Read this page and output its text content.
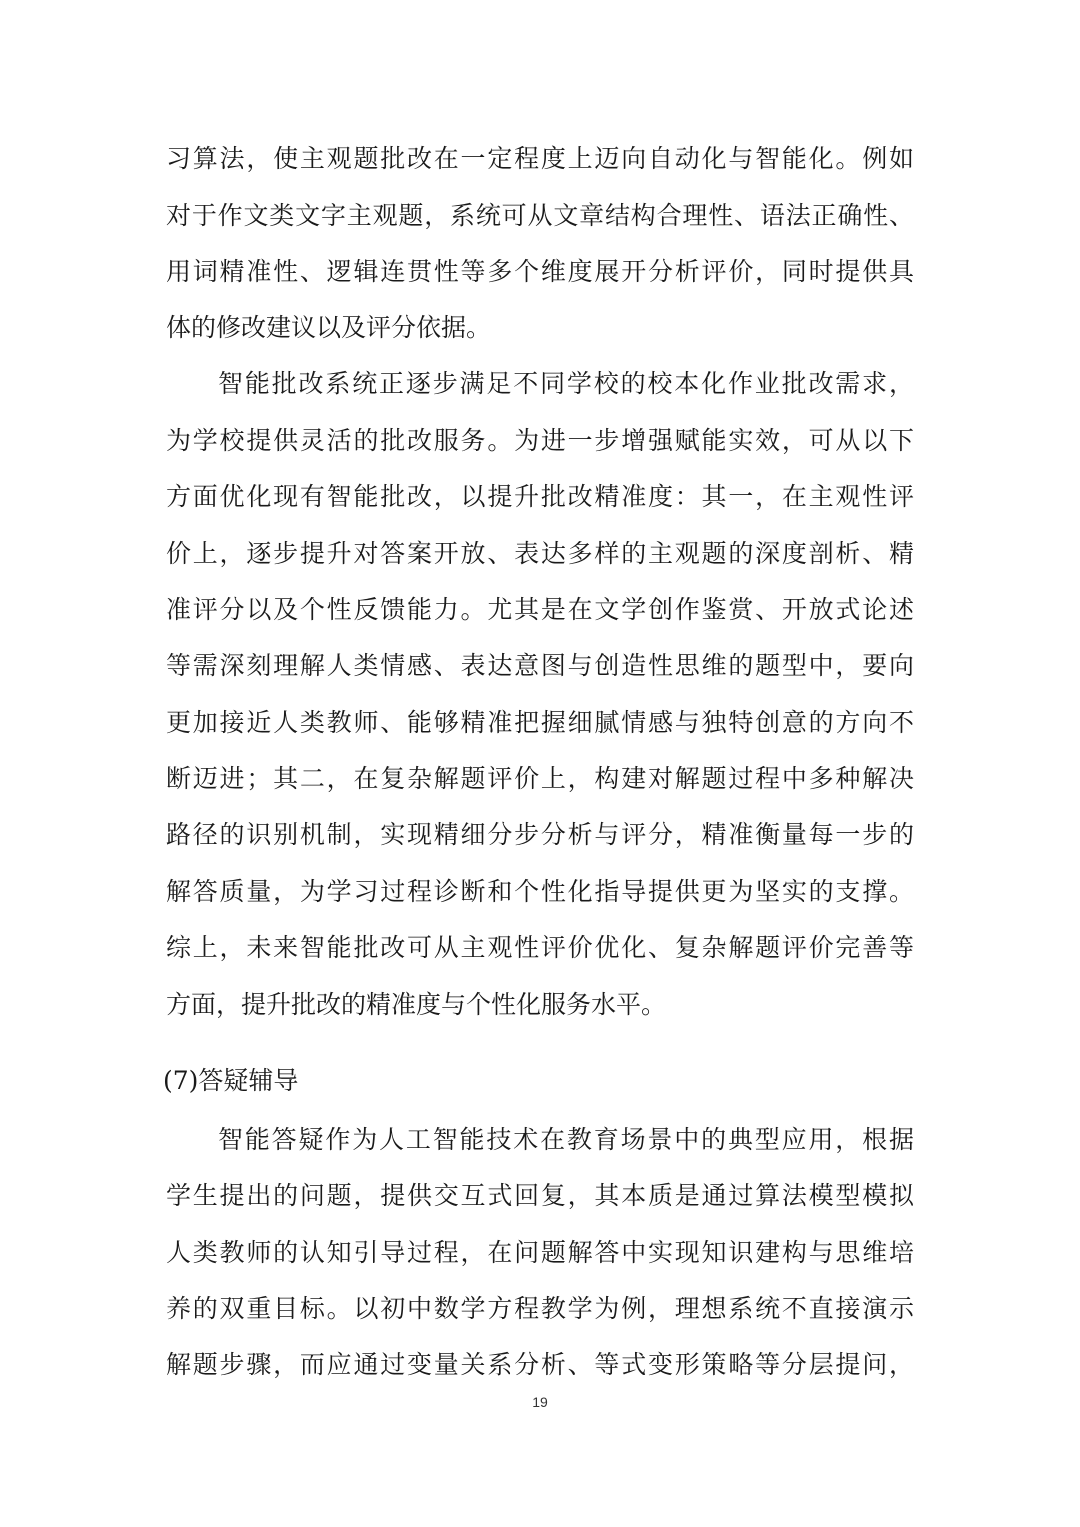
习算法，使主观题批改在一定程度上迈向自动化与智能化。例如
对于作文类文字主观题，系统可从文章结构合理性、语法正确性、
用词精准性、逻辑连贯性等多个维度展开分析评价，同时提供具
体的修改建议以及评分依据。
智能批改系统正逐步满足不同学校的校本化作业批改需求，
为学校提供灵活的批改服务。为进一步增强赋能实效，可从以下
方面优化现有智能批改，以提升批改精准度：其一，在主观性评
价上，逐步提升对答案开放、表达多样的主观题的深度剖析、精
准评分以及个性反馈能力。尤其是在文学创作鉴赏、开放式论述
等需深刻理解人类情感、表达意图与创造性思维的题型中，要向
更加接近人类教师、能够精准把握细腻情感与独特创意的方向不
断迈进；其二，在复杂解题评价上，构建对解题过程中多种解决
路径的识别机制，实现精细分步分析与评分，精准衡量每一步的
解答质量，为学习过程诊断和个性化指导提供更为坚实的支撑。
综上，未来智能批改可从主观性评价优化、复杂解题评价完善等
方面，提升批改的精准度与个性化服务水平。
(7)答疑辅导
智能答疑作为人工智能技术在教育场景中的典型应用，根据
学生提出的问题，提供交互式回复，其本质是通过算法模型模拟
人类教师的认知引导过程，在问题解答中实现知识建构与思维培
养的双重目标。以初中数学方程教学为例，理想系统不直接演示
解题步骤，而应通过变量关系分析、等式变形策略等分层提问，
19
